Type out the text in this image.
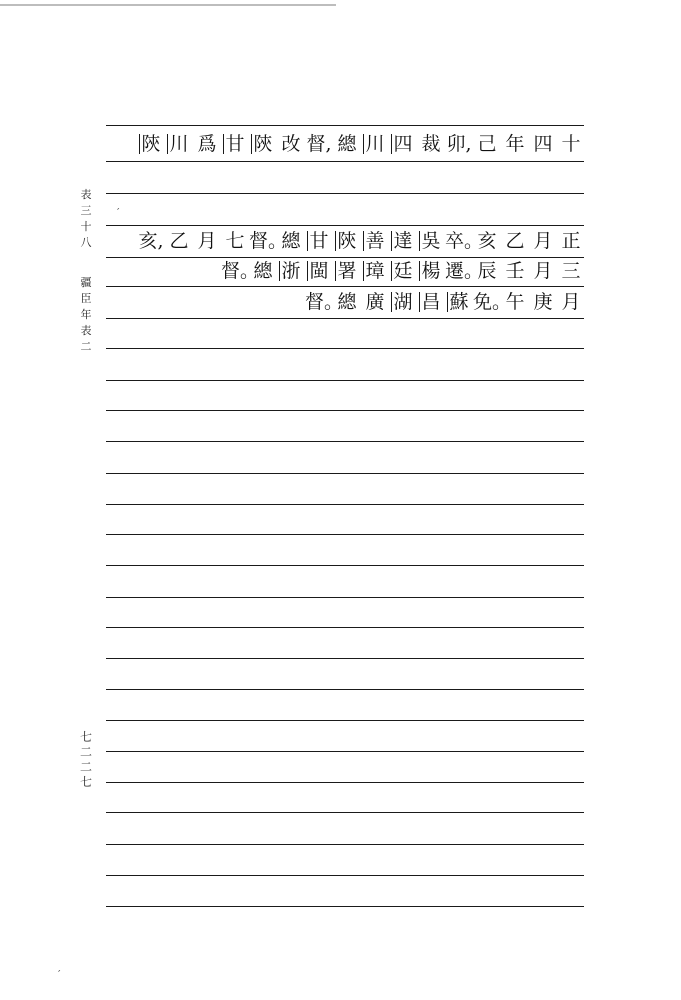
表
三
十
八
疆
臣
年
表
二
七
二
二
七
′
′
十
四
年
己
卯,
裁
四
川
總
督,
改
陝
甘
爲
川
陝
正
月
乙
亥
卒。
吳
達
善
陝
甘
總
督。
七
月
乙
亥,
三
月
壬
辰
遷。
楊
廷
璋
署
閩
浙
總
督。
月
庚
午
免。
蘇
昌
湖
廣
總
督。
